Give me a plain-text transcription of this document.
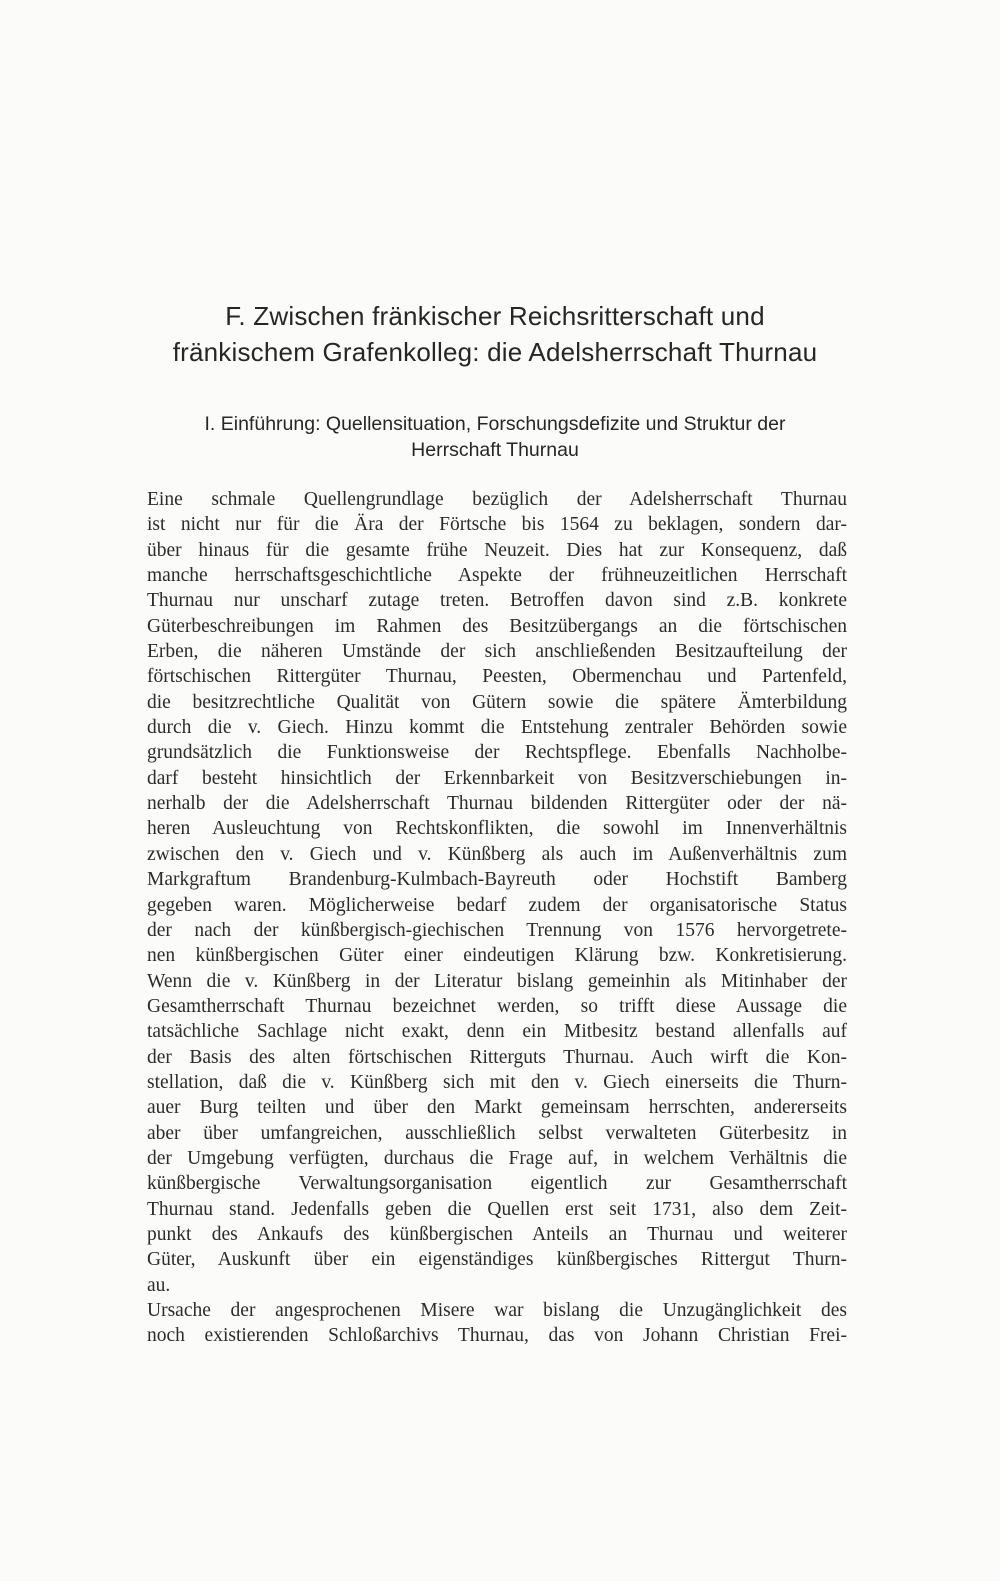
F. Zwischen fränkischer Reichsritterschaft und
fränkischem Grafenkolleg: die Adelsherrschaft Thurnau
I. Einführung: Quellensituation, Forschungsdefizite und Struktur der
Herrschaft Thurnau
Eine schmale Quellengrundlage bezüglich der Adelsherrschaft Thurnau
ist nicht nur für die Ära der Förtsche bis 1564 zu beklagen, sondern dar-
über hinaus für die gesamte frühe Neuzeit. Dies hat zur Konsequenz, daß
manche herrschaftsgeschichtliche Aspekte der frühneuzeitlichen Herrschaft
Thurnau nur unscharf zutage treten. Betroffen davon sind z.B. konkrete
Güterbeschreibungen im Rahmen des Besitzübergangs an die förtschischen
Erben, die näheren Umstände der sich anschließenden Besitzaufteilung der
förtschischen Rittergüter Thurnau, Peesten, Obermenchau und Partenfeld,
die besitzrechtliche Qualität von Gütern sowie die spätere Ämterbildung
durch die v. Giech. Hinzu kommt die Entstehung zentraler Behörden sowie
grundsätzlich die Funktionsweise der Rechtspflege. Ebenfalls Nachholbe-
darf besteht hinsichtlich der Erkennbarkeit von Besitzverschiebungen in-
nerhalb der die Adelsherrschaft Thurnau bildenden Rittergüter oder der nä-
heren Ausleuchtung von Rechtskonflikten, die sowohl im Innenverhältnis
zwischen den v. Giech und v. Künßberg als auch im Außenverhältnis zum
Markgraftum Brandenburg-Kulmbach-Bayreuth oder Hochstift Bamberg
gegeben waren. Möglicherweise bedarf zudem der organisatorische Status
der nach der künßbergisch-giechischen Trennung von 1576 hervorgetrete-
nen künßbergischen Güter einer eindeutigen Klärung bzw. Konkretisierung.
Wenn die v. Künßberg in der Literatur bislang gemeinhin als Mitinhaber der
Gesamtherrschaft Thurnau bezeichnet werden, so trifft diese Aussage die
tatsächliche Sachlage nicht exakt, denn ein Mitbesitz bestand allenfalls auf
der Basis des alten förtschischen Ritterguts Thurnau. Auch wirft die Kon-
stellation, daß die v. Künßberg sich mit den v. Giech einerseits die Thurn-
auer Burg teilten und über den Markt gemeinsam herrschten, andererseits
aber über umfangreichen, ausschließlich selbst verwalteten Güterbesitz in
der Umgebung verfügten, durchaus die Frage auf, in welchem Verhältnis die
künßbergische Verwaltungsorganisation eigentlich zur Gesamtherrschaft
Thurnau stand. Jedenfalls geben die Quellen erst seit 1731, also dem Zeit-
punkt des Ankaufs des künßbergischen Anteils an Thurnau und weiterer
Güter, Auskunft über ein eigenständiges künßbergisches Rittergut Thurn-
au.
Ursache der angesprochenen Misere war bislang die Unzugänglichkeit des
noch existierenden Schloßarchivs Thurnau, das von Johann Christian Frei-
